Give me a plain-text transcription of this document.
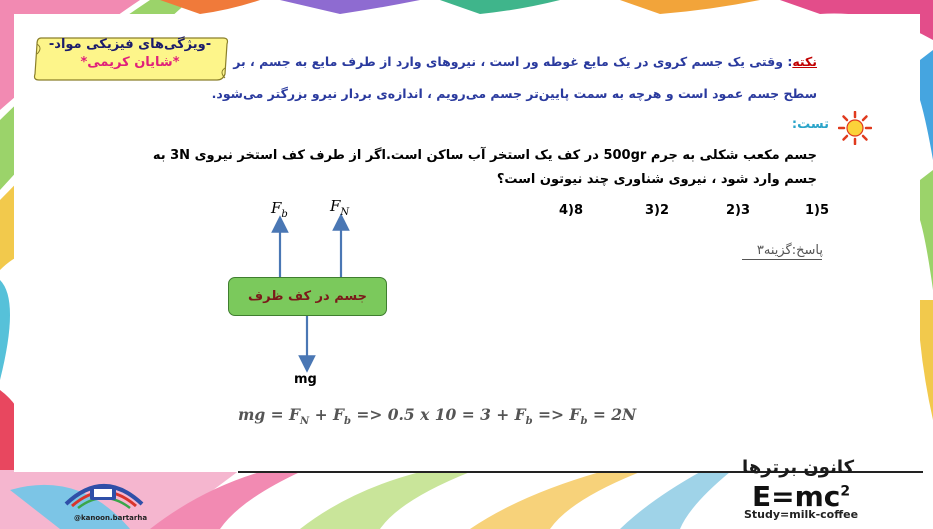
-ویژگی‌های فیزیکی مواد-
*شایان کریمی*	نکته: وقتی یک جسم کروی در یک مایع غوطه ور است ، نیروهای وارد از طرف مایع به جسم ، بر
سطح جسم عمود است و هرچه به سمت پایین‌تر جسم می‌رویم ، اندازه‌ی بردار نیرو بزرگتر می‌شود.
تست:
جسم مکعب شکلی به جرم 500gr در کف یک استخر آب ساکن است.اگر از طرف کف استخر نیروی 3N به
جسم وارد شود ، نیروی شناوری چند نیوتون است؟
5(1
3(2
2(3
8(4
پاسخ:گزینه۳
$F_b$	$F_N$
جسم در کف ظرف
mg
mg = $F_N + F_b => 0.5$ x $10 = 3 + F_b => F_b = 2N$
@kanoon.bartarha
کانون برترها
$E=mc^2$
Study=milk-coffee
